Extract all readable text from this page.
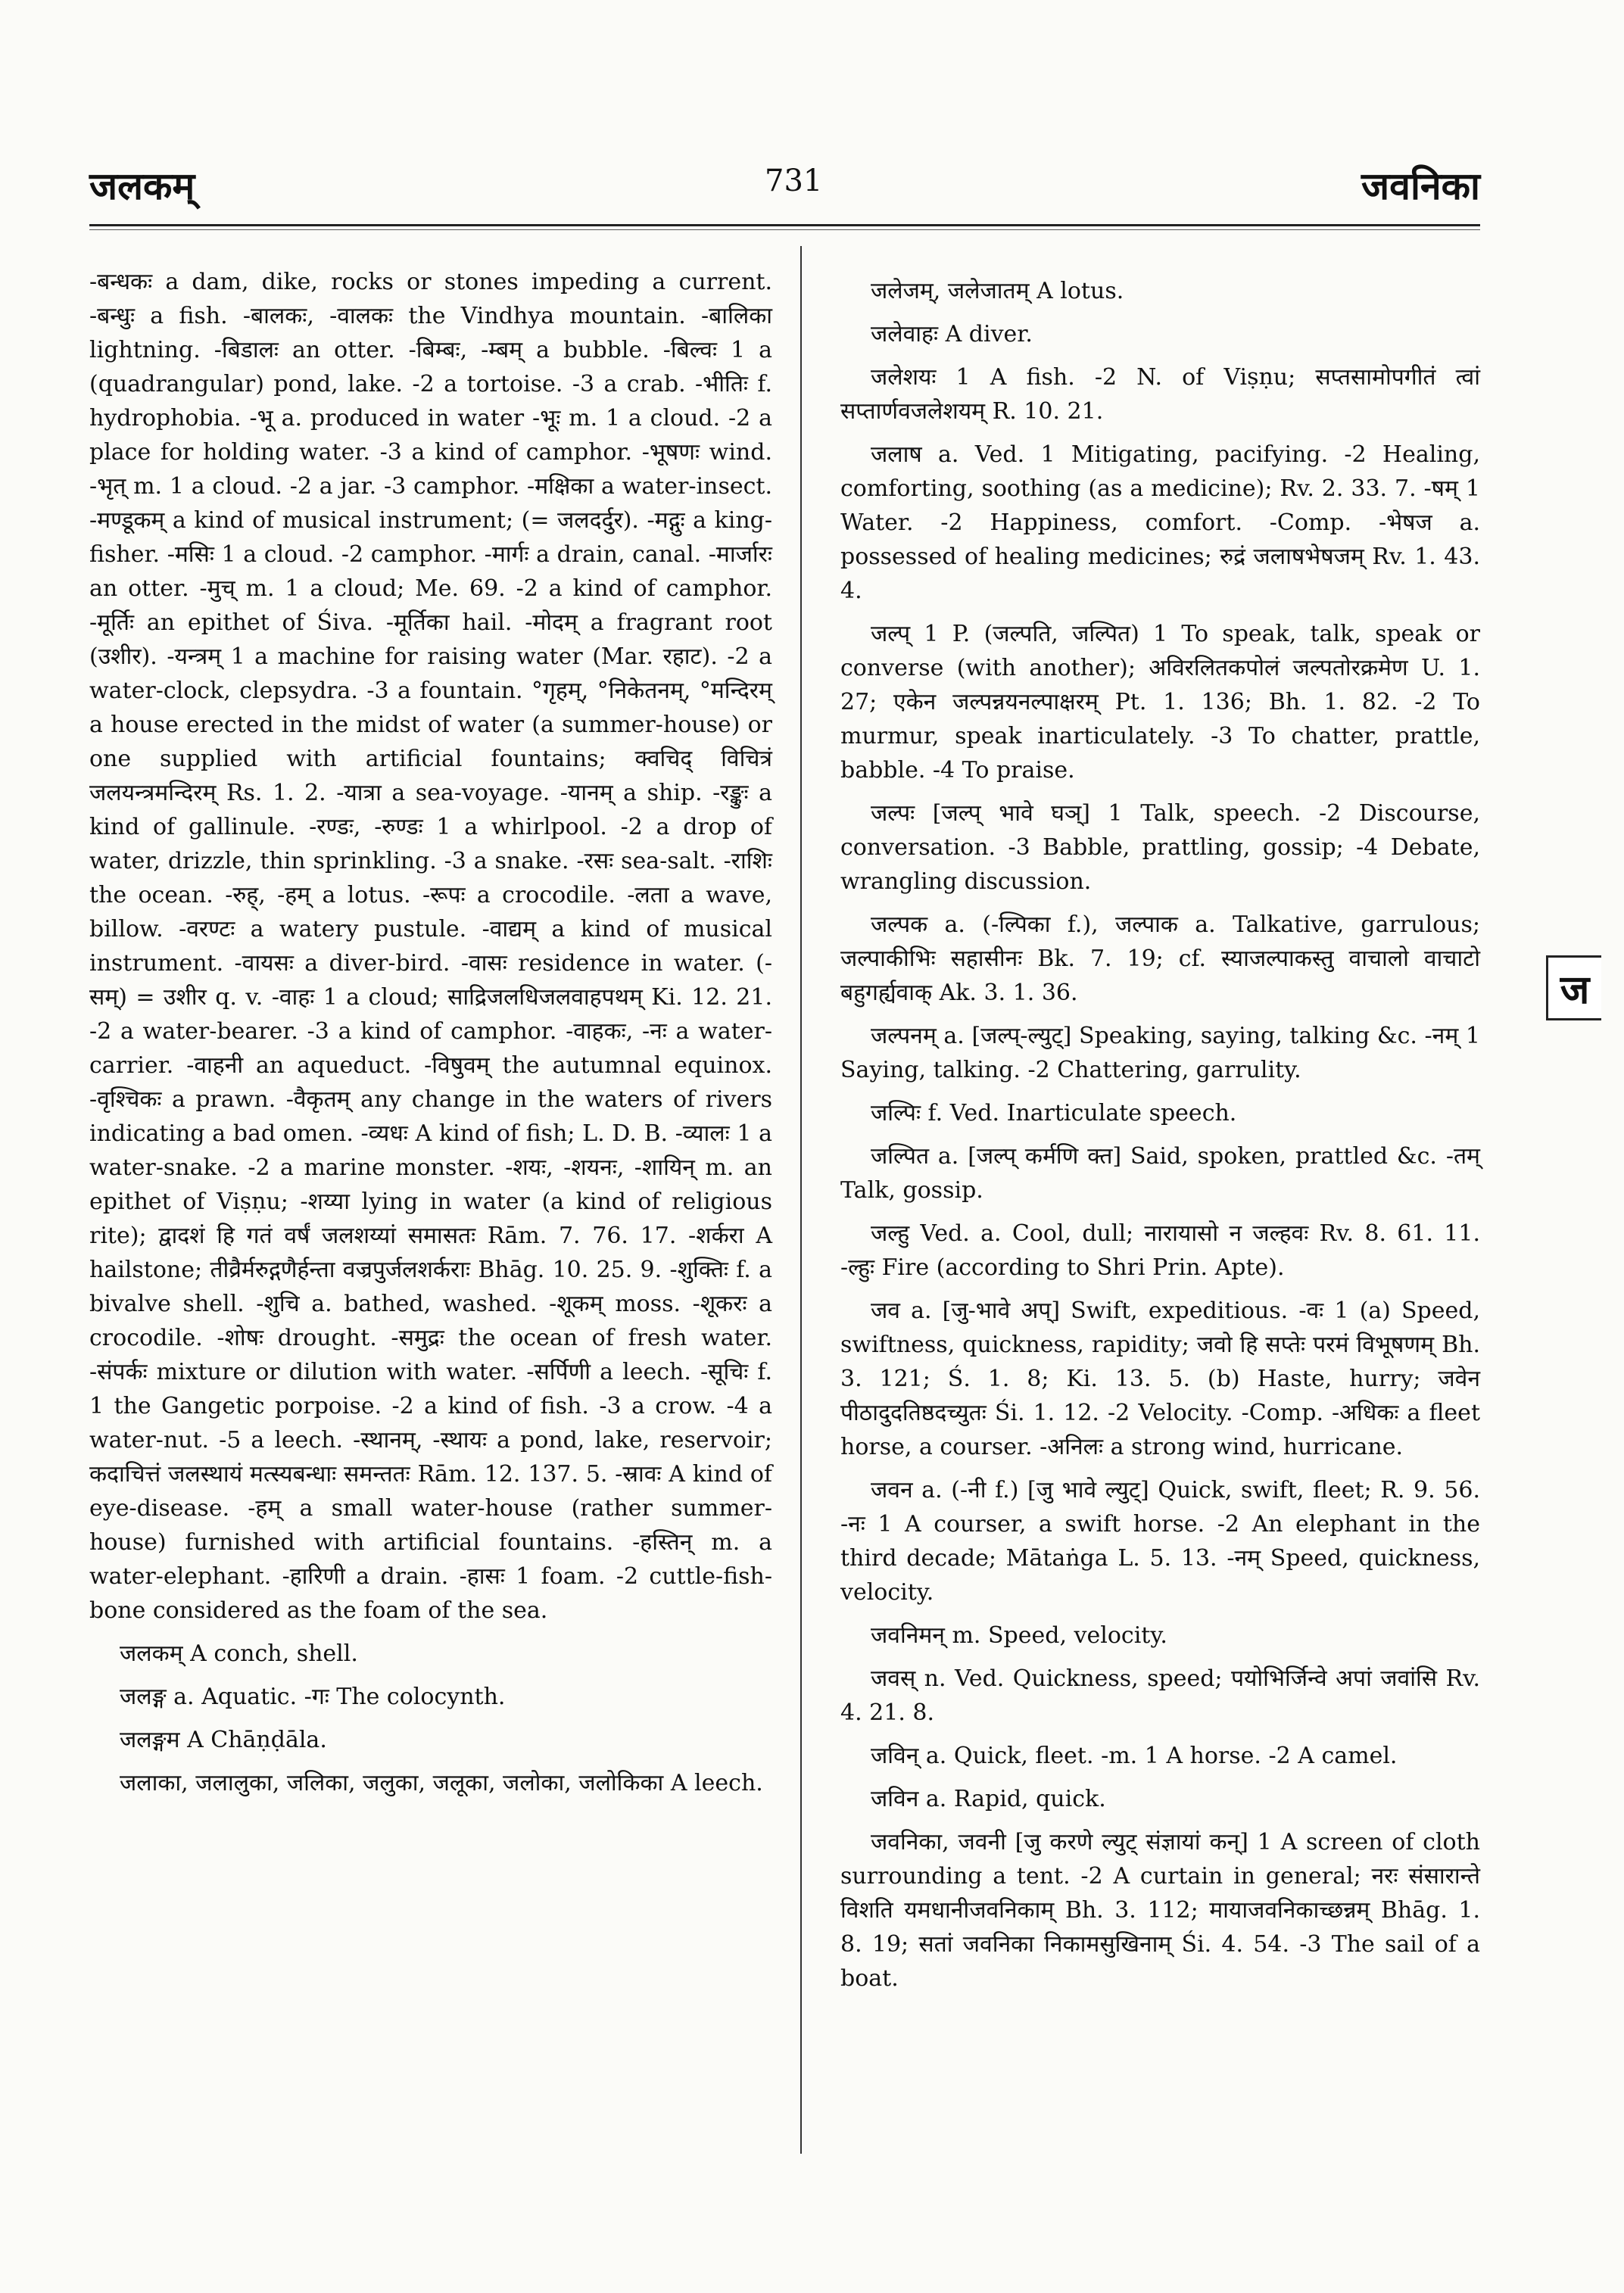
जलकम्	731	जवनिका

-बन्धकः a dam, dike, rocks or stones impeding a current. -बन्धुः a fish. -बालकः, -वालकः the Vindhya mountain. -बालिका lightning. -बिडालः an otter. -बिम्बः, -म्बम् a bubble. -बिल्वः 1 a (quadrangular) pond, lake. -2 a tortoise. -3 a crab. -भीतिः f. hydrophobia. -भू a. produced in water -भूः m. 1 a cloud. -2 a place for holding water. -3 a kind of camphor. -भूषणः wind. -भृत् m. 1 a cloud. -2 a jar. -3 camphor. -मक्षिका a water-insect. -मण्डूकम् a kind of musical instrument; (= जलदर्दुर). -मद्गुः a king-fisher. -मसिः 1 a cloud. -2 camphor. -मार्गः a drain, canal. -मार्जारः an otter. -मुच् m. 1 a cloud; Me. 69. -2 a kind of camphor. -मूर्तिः an epithet of Śiva. -मूर्तिका hail. -मोदम् a fragrant root (उशीर). -यन्त्रम् 1 a machine for raising water (Mar. रहाट). -2 a water-clock, clepsydra. -3 a fountain. °गृहम्, °निकेतनम्, °मन्दिरम् a house erected in the midst of water (a summer-house) or one supplied with artificial fountains; क्वचिद् विचित्रं जलयन्त्रमन्दिरम् Rs. 1. 2. -यात्रा a sea-voyage. -यानम् a ship. -रङ्कुः a kind of gallinule. -रण्डः, -रुण्डः 1 a whirlpool. -2 a drop of water, drizzle, thin sprinkling. -3 a snake. -रसः sea-salt. -राशिः the ocean. -रुह्, -हम् a lotus. -रूपः a crocodile. -लता a wave, billow. -वरण्टः a watery pustule. -वाद्यम् a kind of musical instrument. -वायसः a diver-bird. -वासः residence in water. (-सम्) = उशीर q. v. -वाहः 1 a cloud; साद्रिजलधिजलवाहपथम् Ki. 12. 21. -2 a water-bearer. -3 a kind of camphor. -वाहकः, -नः a water-carrier. -वाहनी an aqueduct. -विषुवम् the autumnal equinox. -वृश्चिकः a prawn. -वैकृतम् any change in the waters of rivers indicating a bad omen. -व्यधः A kind of fish; L. D. B. -व्यालः 1 a water-snake. -2 a marine monster. -शयः, -शयनः, -शायिन् m. an epithet of Viṣṇu; -शय्या lying in water (a kind of religious rite); द्वादशं हि गतं वर्षं जलशय्यां समासतः Rām. 7. 76. 17. -शर्करा A hailstone; तीव्रैर्मरुद्गणैर्हन्ता वज्रपुर्जलशर्कराः Bhāg. 10. 25. 9. -शुक्तिः f. a bivalve shell. -शुचि a. bathed, washed. -शूकम् moss. -शूकरः a crocodile. -शोषः drought. -समुद्रः the ocean of fresh water. -संपर्कः mixture or dilution with water. -सर्पिणी a leech. -सूचिः f. 1 the Gangetic porpoise. -2 a kind of fish. -3 a crow. -4 a water-nut. -5 a leech. -स्थानम्, -स्थायः a pond, lake, reservoir; कदाचित्तं जलस्थायं मत्स्यबन्धाः समन्ततः Rām. 12. 137. 5. -स्रावः A kind of eye-disease. -हम् a small water-house (rather summer-house) furnished with artificial fountains. -हस्तिन् m. a water-elephant. -हारिणी a drain. -हासः 1 foam. -2 cuttle-fish-bone considered as the foam of the sea.

जलकम् A conch, shell.

जलङ्ग a. Aquatic. -गः The colocynth.

जलङ्गम A Chāṇḍāla.

जलाका, जलालुका, जलिका, जलुका, जलूका, जलोका, जलोकिका A leech.

जलेजम्, जलेजातम् A lotus.

जलेवाहः A diver.

जलेशयः 1 A fish. -2 N. of Viṣṇu; सप्तसामोपगीतं त्वां सप्तार्णवजलेशयम् R. 10. 21.

जलाष a. Ved. 1 Mitigating, pacifying. -2 Healing, comforting, soothing (as a medicine); Rv. 2. 33. 7. -षम् 1 Water. -2 Happiness, comfort. -Comp. -भेषज a. possessed of healing medicines; रुद्रं जलाषभेषजम् Rv. 1. 43. 4.

जल्प् 1 P. (जल्पति, जल्पित) 1 To speak, talk, speak or converse (with another); अविरलितकपोलं जल्पतोरक्रमेण U. 1. 27; एकेन जल्पन्नयनल्पाक्षरम् Pt. 1. 136; Bh. 1. 82. -2 To murmur, speak inarticulately. -3 To chatter, prattle, babble. -4 To praise.

जल्पः [जल्प् भावे घञ्] 1 Talk, speech. -2 Discourse, conversation. -3 Babble, prattling, gossip; -4 Debate, wrangling discussion.

जल्पक a. (-ल्पिका f.), जल्पाक a. Talkative, garrulous; जल्पाकीभिः सहासीनः Bk. 7. 19; cf. स्याजल्पाकस्तु वाचालो वाचाटो बहुगर्ह्यवाक् Ak. 3. 1. 36.

जल्पनम् a. [जल्प्-ल्युट्] Speaking, saying, talking &c. -नम् 1 Saying, talking. -2 Chattering, garrulity.

जल्पिः f. Ved. Inarticulate speech.

जल्पित a. [जल्प् कर्मणि क्त] Said, spoken, prattled &c. -तम् Talk, gossip.

जल्हु Ved. a. Cool, dull; नारायासो न जल्हवः Rv. 8. 61. 11. -ल्हुः Fire (according to Shri Prin. Apte).

जव a. [जु-भावे अप्] Swift, expeditious. -वः 1 (a) Speed, swiftness, quickness, rapidity; जवो हि सप्तेः परमं विभूषणम् Bh. 3. 121; Ś. 1. 8; Ki. 13. 5. (b) Haste, hurry; जवेन पीठादुदतिष्ठदच्युतः Śi. 1. 12. -2 Velocity. -Comp. -अधिकः a fleet horse, a courser. -अनिलः a strong wind, hurricane.

जवन a. (-नी f.) [जु भावे ल्युट्] Quick, swift, fleet; R. 9. 56. -नः 1 A courser, a swift horse. -2 An elephant in the third decade; Mātaṅga L. 5. 13. -नम् Speed, quickness, velocity.

जवनिमन् m. Speed, velocity.

जवस् n. Ved. Quickness, speed; पयोभिर्जिन्वे अपां जवांसि Rv. 4. 21. 8.

जविन् a. Quick, fleet. -m. 1 A horse. -2 A camel.

जविन a. Rapid, quick.

जवनिका, जवनी [जु करणे ल्युट् संज्ञायां कन्] 1 A screen of cloth surrounding a tent. -2 A curtain in general; नरः संसारान्ते विशति यमधानीजवनिकाम् Bh. 3. 112; मायाजवनिकाच्छन्नम् Bhāg. 1. 8. 19; सतां जवनिका निकामसुखिनाम् Śi. 4. 54. -3 The sail of a boat.

ज
